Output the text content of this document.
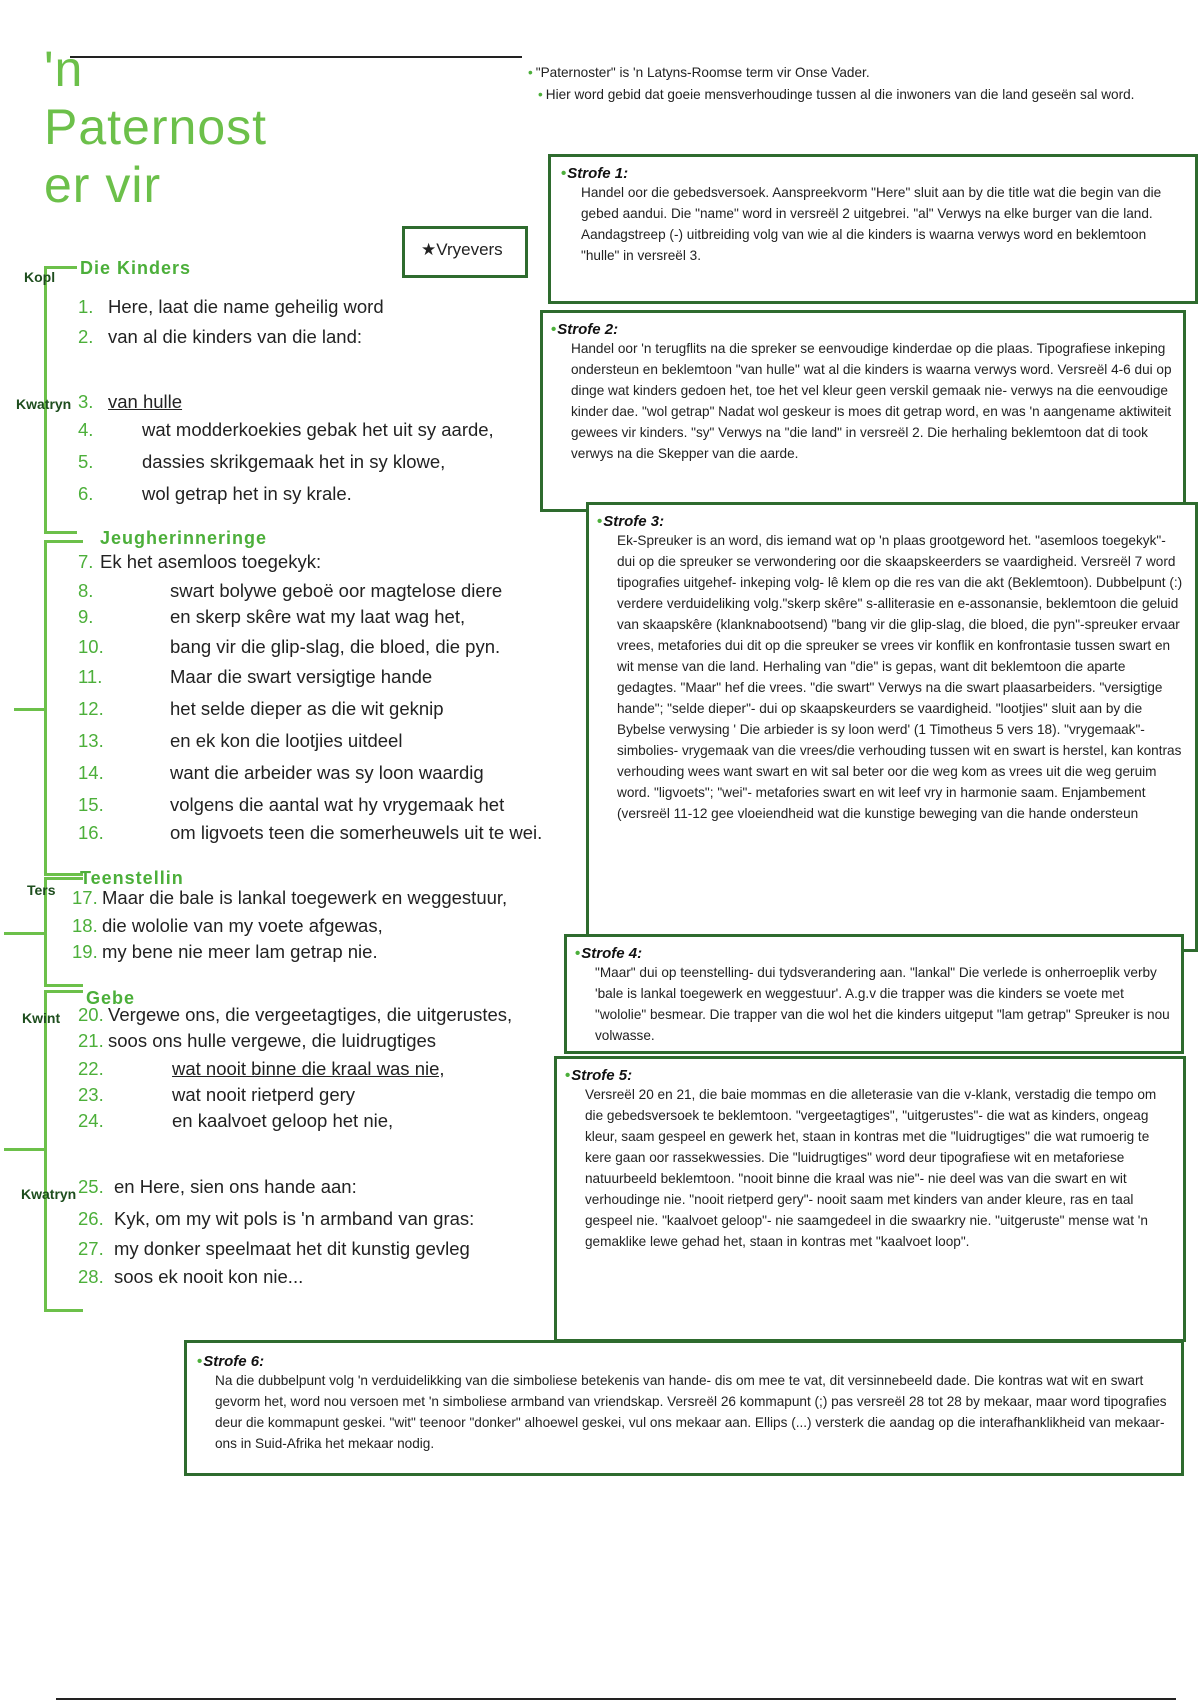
'n
Paternost
er vir
★Vryevers
• "Paternoster" is 'n Latyns-Roomse term vir Onse Vader.
• Hier word gebid dat goeie mensverhoudinge tussen al die inwoners van die land geseën sal word.
Die Kinders
Jeugherinneringe
Teenstellin
Gebe
Kopl
Kwatryn
Ters
Kwint
Kwatryn
1. Here, laat die name geheilig word
2. van al die kinders van die land:
3. van hulle
4.	wat modderkoekies gebak het uit sy aarde,
5.	dassies skrikgemaak het in sy klowe,
6.	wol getrap het in sy krale.
7. Ek het asemloos toegekyk:
8.	swart bolywe geboë oor magtelose diere
9.	en skerp skêre wat my laat wag het,
10.	bang vir die glip-slag, die bloed, die pyn.
11.	Maar die swart versigtige hande
12.	het selde dieper as die wit geknip
13.	en ek kon die lootjies uitdeel
14.	want die arbeider was sy loon waardig
15.	volgens die aantal wat hy vrygemaak het
16.	om ligvoets teen die somerheuwels uit te wei.
17. Maar die bale is lankal toegewerk en weggestuur,
18. die wololie van my voete afgewas,
19. my bene nie meer lam getrap nie.
20. Vergewe ons, die vergeetagtiges, die uitgerustes,
21. soos ons hulle vergewe, die luidrugtiges
22.	wat nooit binne die kraal was nie,
23.	wat nooit rietperd gery
24.	en kaalvoet geloop het nie,
25. en Here, sien ons hande aan:
26. Kyk, om my wit pols is 'n armband van gras:
27. my donker speelmaat het dit kunstig gevleg
28. soos ek nooit kon nie...
• Strofe 1:
Handel oor die gebedsversoek. Aanspreekvorm "Here" sluit aan by die title wat die begin van die gebed aandui. Die "name" word in versreël 2 uitgebrei. "al" Verwys na elke burger van die land. Aandagstreep (-) uitbreiding volg van wie al die kinders is waarna verwys word en beklemtoon "hulle" in versreël 3.
• Strofe 2:
Handel oor 'n terugflits na die spreker se eenvoudige kinderdae op die plaas. Tipografiese inkeping ondersteun en beklemtoon "van hulle" wat al die kinders is waarna verwys word. Versreël 4-6 dui op dinge wat kinders gedoen het, toe het vel kleur geen verskil gemaak nie- verwys na die eenvoudige kinder dae. "wol getrap" Nadat wol geskeur is moes dit getrap word, en was 'n aangename aktiwiteit gewees vir kinders. "sy" Verwys na "die land" in versreël 2. Die herhaling beklemtoon dat di took verwys na die Skepper van die aarde.
• Strofe 3:
Ek-Spreuker is an word, dis iemand wat op 'n plaas grootgeword het. "asemloos toegekyk"- dui op die spreuker se verwondering oor die skaapskeerders se vaardigheid. Versreël 7 word tipografies uitgehef- inkeping volg- lê klem op die res van die akt (Beklemtoon). Dubbelpunt (:) verdere verduideliking volg."skerp skêre" s-alliterasie en e-assonansie, beklemtoon die geluid van skaapskêre (klanknabootsend) "bang vir die glip-slag, die bloed, die pyn"-spreuker ervaar vrees, metafories dui dit op die spreuker se vrees vir konflik en konfrontasie tussen swart en wit mense van die land. Herhaling van "die" is gepas, want dit beklemtoon die aparte gedagtes. "Maar" hef die vrees. "die swart" Verwys na die swart plaasarbeiders. "versigtige hande"; "selde dieper"- dui op skaapskeurders se vaardigheid. "lootjies" sluit aan by die Bybelse verwysing ' Die arbieder is sy loon werd' (1 Timotheus 5 vers 18). "vrygemaak"-simbolies- vrygemaak van die vrees/die verhouding tussen wit en swart is herstel, kan kontras verhouding wees want swart en wit sal beter oor die weg kom as vrees uit die weg geruim word. "ligvoets"; "wei"- metafories swart en wit leef vry in harmonie saam. Enjambement (versreël 11-12 gee vloeiendheid wat die kunstige beweging van die hande ondersteun
• Strofe 4:
"Maar" dui op teenstelling- dui tydsverandering aan. "lankal" Die verlede is onherroeplik verby 'bale is lankal toegewerk en weggestuur'. A.g.v die trapper was die kinders se voete met "wololie" besmear. Die trapper van die wol het die kinders uitgeput "lam getrap" Spreuker is nou volwasse.
• Strofe 5:
Versreël 20 en 21, die baie mommas en die alleterasie van die v-klank, verstadig die tempo om die gebedsversoek te beklemtoon. "vergeetagtiges", "uitgerustes"- die wat as kinders, ongeag kleur, saam gespeel en gewerk het, staan in kontras met die "luidrugtiges" die wat rumoerig te kere gaan oor rassekwessies. Die "luidrugtiges" word deur tipografiese wit en metaforiese natuurbeeld beklemtoon. "nooit binne die kraal was nie"- nie deel was van die swart en wit verhoudinge nie. "nooit rietperd gery"- nooit saam met kinders van ander kleure, ras en taal gespeel nie. "kaalvoet geloop"- nie saamgedeel in die swaarkry nie. "uitgeruste" mense wat 'n gemaklike lewe gehad het, staan in kontras met "kaalvoet loop".
• Strofe 6:
Na die dubbelpunt volg 'n verduidelikking van die simboliese betekenis van hande- dis om mee te vat, dit versinnebeeld dade. Die kontras wat wit en swart gevorm het, word nou versoen met 'n simboliese armband van vriendskap. Versreël 26 kommapunt (;) pas versreël 28 tot 28 by mekaar, maar word tipografies deur die kommapunt geskei. "wit" teenoor "donker" alhoewel geskei, vul ons mekaar aan. Ellips (...) versterk die aandag op die interafhanklikheid van mekaar- ons in Suid-Afrika het mekaar nodig.
